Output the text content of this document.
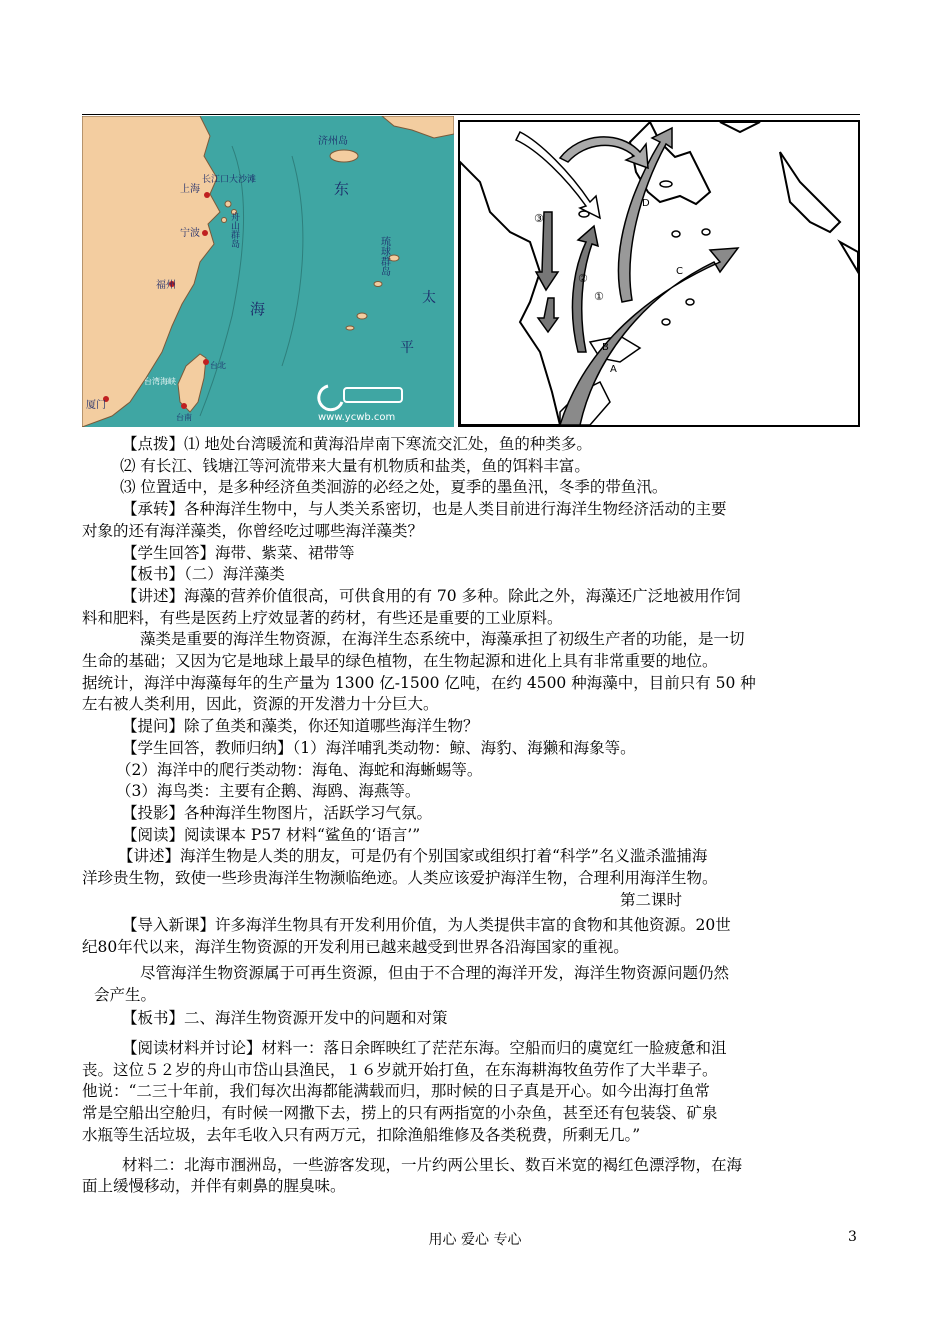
济州岛
长江口大沙滩
上海
宁波
福州
厦门
台北
台南
舟山群岛
东
海
琉球群岛
太
平
台湾海峡
www.ycwb.com
③
②
①
A
B
C
D

【点拨】⑴ 地处台湾暖流和黄海沿岸南下寒流交汇处，鱼的种类多。

⑵ 有长江、钱塘江等河流带来大量有机物质和盐类，鱼的饵料丰富。

⑶ 位置适中，是多种经济鱼类洄游的必经之处，夏季的墨鱼汛，冬季的带鱼汛。

【承转】各种海洋生物中，与人类关系密切，也是人类目前进行海洋生物经济活动的主要

对象的还有海洋藻类，你曾经吃过哪些海洋藻类？

【学生回答】海带、紫菜、裙带等

【板书】（二）海洋藻类

【讲述】海藻的营养价值很高，可供食用的有 70 多种。除此之外，海藻还广泛地被用作饲

料和肥料，有些是医药上疗效显著的药材，有些还是重要的工业原料。

藻类是重要的海洋生物资源，在海洋生态系统中，海藻承担了初级生产者的功能，是一切

生命的基础；又因为它是地球上最早的绿色植物，在生物起源和进化上具有非常重要的地位。

据统计，海洋中海藻每年的生产量为 1300 亿-1500 亿吨，在约 4500 种海藻中，目前只有 50 种

左右被人类利用，因此，资源的开发潜力十分巨大。

【提问】除了鱼类和藻类，你还知道哪些海洋生物？

【学生回答，教师归纳】（1）海洋哺乳类动物：鲸、海豹、海獭和海象等。

（2）海洋中的爬行类动物：海龟、海蛇和海蜥蜴等。

（3）海鸟类：主要有企鹅、海鸥、海燕等。

【投影】各种海洋生物图片，活跃学习气氛。

【阅读】阅读课本 P57 材料“鲨鱼的‘语言’”

【讲述】海洋生物是人类的朋友，可是仍有个别国家或组织打着“科学”名义滥杀滥捕海

洋珍贵生物，致使一些珍贵海洋生物濒临绝迹。人类应该爱护海洋生物，合理利用海洋生物。

第二课时

【导入新课】许多海洋生物具有开发利用价值，为人类提供丰富的食物和其他资源。20世

纪80年代以来，海洋生物资源的开发利用已越来越受到世界各沿海国家的重视。

尽管海洋生物资源属于可再生资源，但由于不合理的海洋开发，海洋生物资源问题仍然

会产生。

【板书】二、海洋生物资源开发中的问题和对策

【阅读材料并讨论】材料一：落日余晖映红了茫茫东海。空船而归的虞宽红一脸疲惫和沮

丧。这位５２岁的舟山市岱山县渔民，１６岁就开始打鱼，在东海耕海牧鱼劳作了大半辈子。

他说：“二三十年前，我们每次出海都能满载而归，那时候的日子真是开心。如今出海打鱼常

常是空船出空舱归，有时候一网撒下去，捞上的只有两指宽的小杂鱼，甚至还有包装袋、矿泉

水瓶等生活垃圾，去年毛收入只有两万元，扣除渔船维修及各类税费，所剩无几。”

材料二：北海市涠洲岛，一些游客发现，一片约两公里长、数百米宽的褐红色漂浮物，在海

面上缓慢移动，并伴有刺鼻的腥臭味。

用心 爱心 专心	3
